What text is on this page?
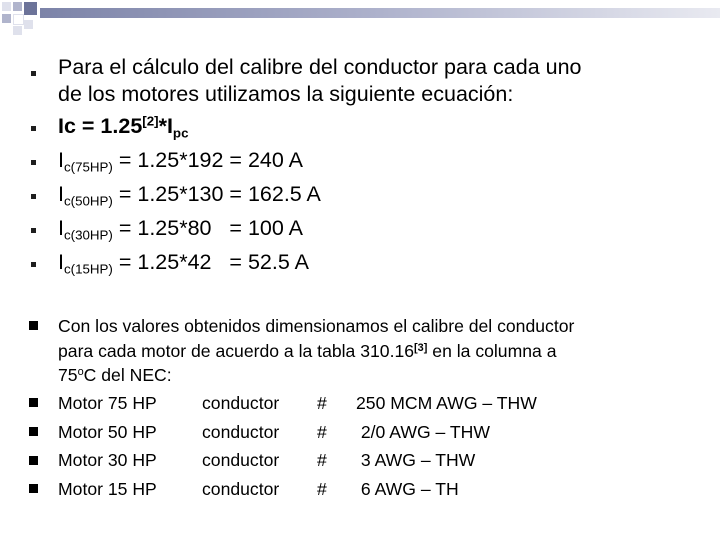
Para el cálculo del calibre del conductor para cada uno
de los motores utilizamos la siguiente ecuación:
$Ic = 1.25[2]*I_{pc}$
$I_{c(75HP)} = 1.25*192 = 240$ A
$I_{c(50HP)} = 1.25*130 = 162.5$ A
$I_{c(30HP)} = 1.25*80 = 100$ A
$I_{c(15HP)} = 1.25*42 = 52.5$ A
Con los valores obtenidos dimensionamos el calibre del conductor
para cada motor de acuerdo a la tabla 310.16[3] en la columna a
75$^o$C del NEC:
Motor 75 HP	conductor # 250 MCM AWG – THW
Motor 50 HP	conductor # 2/0 AWG – THW
Motor 30 HP	conductor # 3 AWG – THW
Motor 15 HP	conductor # 6 AWG – TH
